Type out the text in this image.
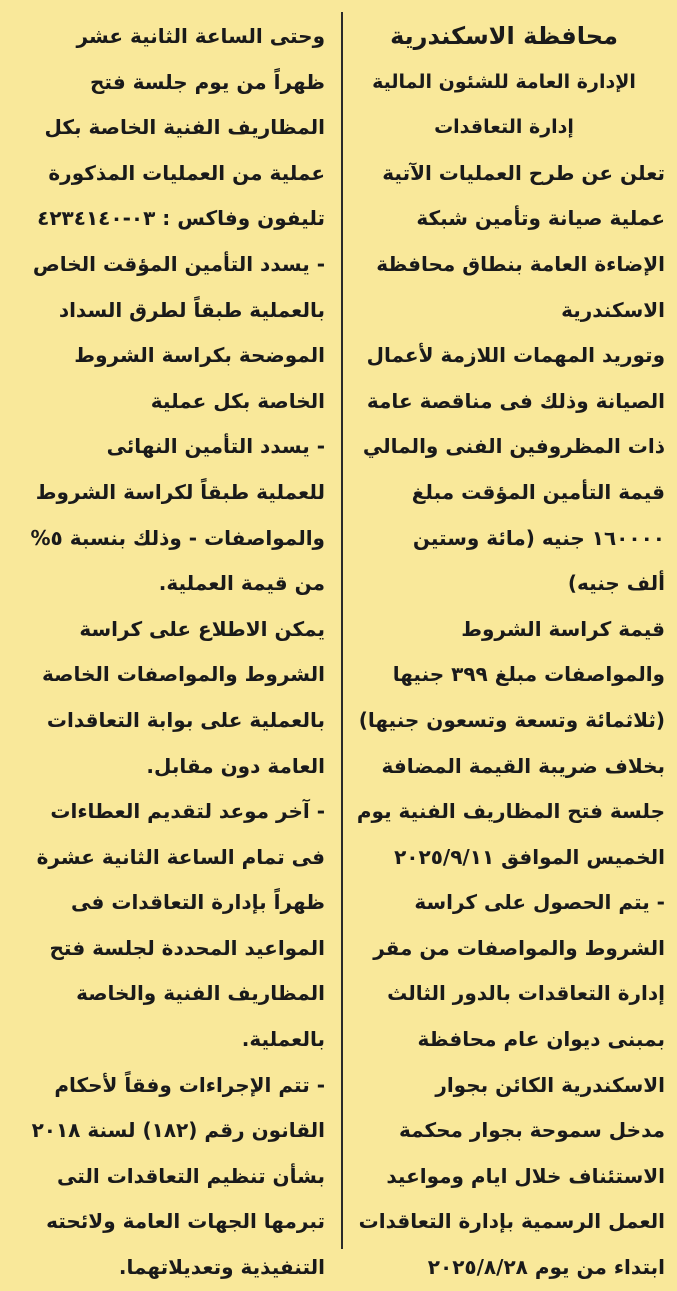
محافظة الاسكندرية
الإدارة العامة للشئون المالية
إدارة التعاقدات
تعلن عن طرح العمليات الآتية
عملية صيانة وتأمين شبكة
الإضاءة العامة بنطاق محافظة
الاسكندرية
وتوريد المهمات اللازمة لأعمال
الصيانة وذلك فى مناقصة عامة
ذات المظروفين الفنى والمالي
قيمة التأمين المؤقت مبلغ
١٦٠٠٠٠ جنيه (مائة وستين
ألف جنيه)
قيمة كراسة الشروط
والمواصفات مبلغ ٣٩٩ جنيها
(ثلاثمائة وتسعة وتسعون جنيها)
بخلاف ضريبة القيمة المضافة
جلسة فتح المظاريف الفنية يوم
الخميس الموافق ٢٠٢٥/٩/١١
- يتم الحصول على كراسة
الشروط والمواصفات من مقر
إدارة التعاقدات بالدور الثالث
بمبنى ديوان عام محافظة
الاسكندرية الكائن بجوار
مدخل سموحة بجوار محكمة
الاستئناف خلال ايام ومواعيد
العمل الرسمية بإدارة التعاقدات
ابتداء من يوم ٢٠٢٥/٨/٢٨
وحتى الساعة الثانية عشر
ظهراً من يوم جلسة فتح
المظاريف الفنية الخاصة بكل
عملية من العمليات المذكورة
تليفون وفاكس : ٠٣-٤٢٣٤١٤٠
- يسدد التأمين المؤقت الخاص
بالعملية طبقاً لطرق السداد
الموضحة بكراسة الشروط
الخاصة بكل عملية
- يسدد التأمين النهائى
للعملية طبقاً لكراسة الشروط
والمواصفات - وذلك بنسبة ٥%
من قيمة العملية.
يمكن الاطلاع على كراسة
الشروط والمواصفات الخاصة
بالعملية على بوابة التعاقدات
العامة دون مقابل.
- آخر موعد لتقديم العطاءات
فى تمام الساعة الثانية عشرة
ظهراً بإدارة التعاقدات فى
المواعيد المحددة لجلسة فتح
المظاريف الفنية والخاصة
بالعملية.
- تتم الإجراءات وفقاً لأحكام
القانون رقم (١٨٢) لسنة ٢٠١٨
بشأن تنظيم التعاقدات التى
تبرمها الجهات العامة ولائحته
التنفيذية وتعديلاتهما.
